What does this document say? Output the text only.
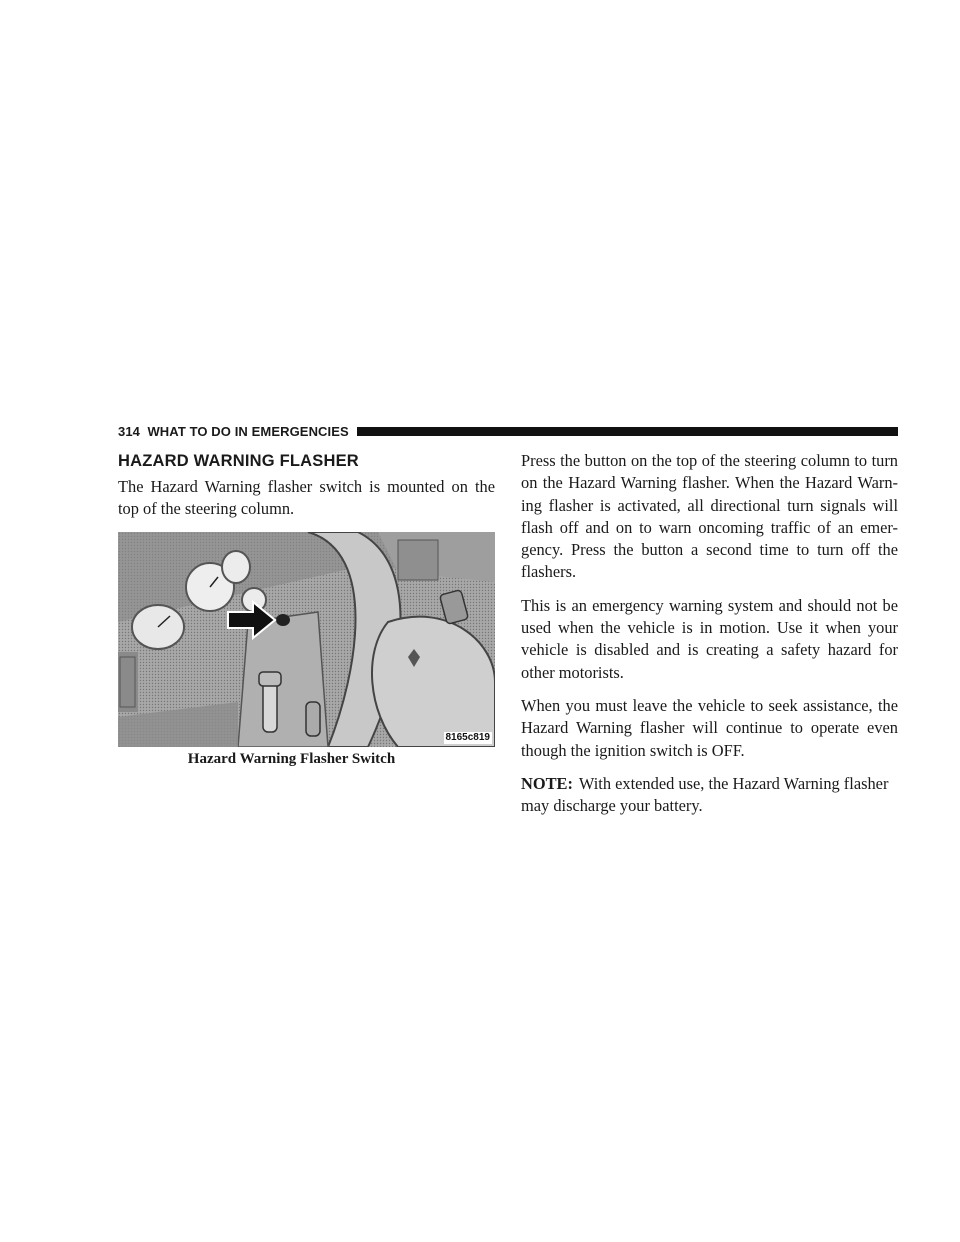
314 WHAT TO DO IN EMERGENCIES
HAZARD WARNING FLASHER

The Hazard Warning flasher switch is mounted on the top of the steering column.

8165c819
Hazard Warning Flasher Switch

Press the button on the top of the steering column to turn on the Hazard Warning flasher. When the Hazard Warn-ing flasher is activated, all directional turn signals will flash off and on to warn oncoming traffic of an emer-gency. Press the button a second time to turn off the flashers.

This is an emergency warning system and should not be used when the vehicle is in motion. Use it when your vehicle is disabled and is creating a safety hazard for other motorists.

When you must leave the vehicle to seek assistance, the Hazard Warning flasher will continue to operate even though the ignition switch is OFF.

NOTE: With extended use, the Hazard Warning flasher may discharge your battery.
